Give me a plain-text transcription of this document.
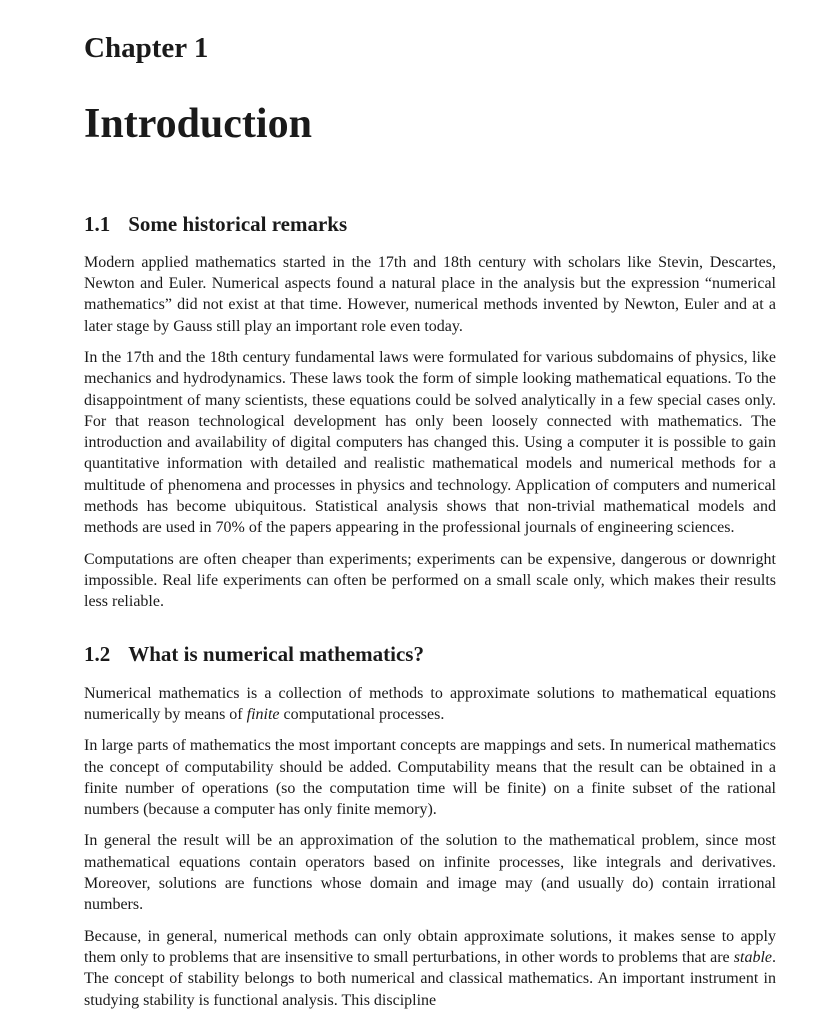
Chapter 1
Introduction
1.1 Some historical remarks

Modern applied mathematics started in the 17th and 18th century with scholars like Stevin, Descartes, Newton and Euler. Numerical aspects found a natural place in the analysis but the expression “numerical mathematics” did not exist at that time. However, numerical methods invented by Newton, Euler and at a later stage by Gauss still play an important role even today.

In the 17th and the 18th century fundamental laws were formulated for various subdomains of physics, like mechanics and hydrodynamics. These laws took the form of simple looking mathematical equations. To the disappointment of many scientists, these equations could be solved analytically in a few special cases only. For that reason technological development has only been loosely connected with mathematics. The introduction and availability of digital computers has changed this. Using a computer it is possible to gain quantitative information with detailed and realistic mathematical models and numerical methods for a multitude of phenomena and processes in physics and technology. Application of computers and numerical methods has become ubiquitous. Statistical analysis shows that non-trivial mathematical models and methods are used in 70% of the papers appearing in the professional journals of engineering sciences.

Computations are often cheaper than experiments; experiments can be expensive, dangerous or downright impossible. Real life experiments can often be performed on a small scale only, which makes their results less reliable.

1.2 What is numerical mathematics?

Numerical mathematics is a collection of methods to approximate solutions to mathematical equations numerically by means of finite computational processes.

In large parts of mathematics the most important concepts are mappings and sets. In numerical mathematics the concept of computability should be added. Computability means that the result can be obtained in a finite number of operations (so the computation time will be finite) on a finite subset of the rational numbers (because a computer has only finite memory).

In general the result will be an approximation of the solution to the mathematical problem, since most mathematical equations contain operators based on infinite processes, like integrals and derivatives. Moreover, solutions are functions whose domain and image may (and usually do) contain irrational numbers.

Because, in general, numerical methods can only obtain approximate solutions, it makes sense to apply them only to problems that are insensitive to small perturbations, in other words to problems that are stable. The concept of stability belongs to both numerical and classical mathematics. An important instrument in studying stability is functional analysis. This discipline
